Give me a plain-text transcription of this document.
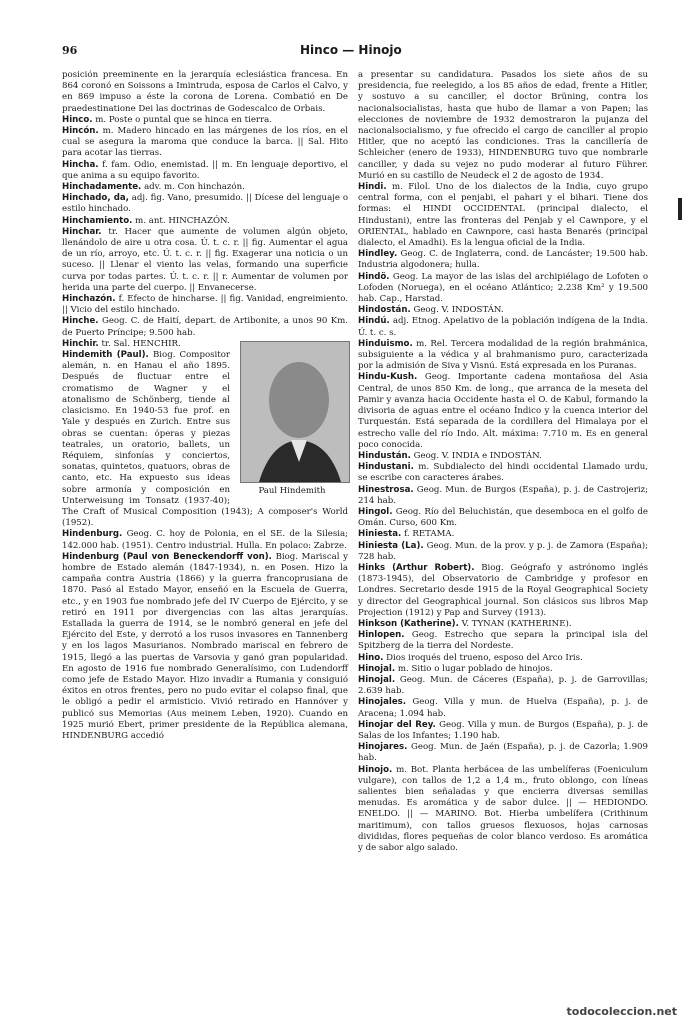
96	Hinco — Hinojo

posición preeminente en la jerarquía eclesiástica francesa. En 864 coronó en Soissons a Imintruda, esposa de Carlos el Calvo, y en 869 impuso a éste la corona de Lorena. Combatió en De praedestinatione Dei las doctrinas de Godescalco de Orbais.

Hinco. m. Poste o puntal que se hinca en tierra.

Hincón. m. Madero hincado en las márgenes de los ríos, en el cual se asegura la maroma que conduce la barca. || Sal. Hito para acotar las tierras.

Hincha. f. fam. Odio, enemistad. || m. En lenguaje deportivo, el que anima a su equipo favorito.

Hinchadamente. adv. m. Con hinchazón.

Hinchado, da, adj. fig. Vano, presumido. || Dícese del lenguaje o estilo hinchado.

Hinchamiento. m. ant. HINCHAZÓN.

Hinchar. tr. Hacer que aumente de volumen algún objeto, llenándolo de aire u otra cosa. Ú. t. c. r. || fig. Aumentar el agua de un río, arroyo, etc. Ú. t. c. r. || fig. Exagerar una noticia o un suceso. || Llenar el viento las velas, formando una superficie curva por todas partes. Ú. t. c. r. || r. Aumentar de volumen por herida una parte del cuerpo. || Envanecerse.

Hinchazón. f. Efecto de hincharse. || fig. Vanidad, engreimiento. || Vicio del estilo hinchado.

Hinche. Geog. C. de Haití, depart. de Artibonite, a unos 90 Km. de Puerto Príncipe; 9.500 hab.

Paul Hindemith

Hinchir. tr. Sal. HENCHIR.

Hindemith (Paul). Biog. Compositor alemán, n. en Hanau el año 1895. Después de fluctuar entre el cromatismo de Wagner y el atonalismo de Schönberg, tiende al clasicismo. En 1940-53 fue prof. en Yale y después en Zurich. Entre sus obras se cuentan: óperas y piezas teatrales, un oratorio, ballets, un Réquiem, sinfonías y conciertos, sonatas, quintetos, quatuors, obras de canto, etc. Ha expuesto sus ideas sobre armonía y composición en Unterweisung im Tonsatz (1937-40); The Craft of Musical Composition (1943); A composer's World (1952).

Hindenburg. Geog. C. hoy de Polonia, en el SE. de la Silesia; 142.000 hab. (1951). Centro industrial. Hulla. En polaco: Zabrze.

Hindenburg (Paul von Beneckendorff von). Biog. Mariscal y hombre de Estado alemán (1847-1934), n. en Posen. Hizo la campaña contra Austria (1866) y la guerra francoprusiana de 1870. Pasó al Estado Mayor, enseñó en la Escuela de Guerra, etc., y en 1903 fue nombrado jefe del IV Cuerpo de Ejército, y se retiró en 1911 por divergencias con las altas jerarquías. Estallada la guerra de 1914, se le nombró general en jefe del Ejército del Este, y derrotó a los rusos invasores en Tannenberg y en los lagos Masurianos. Nombrado mariscal en febrero de 1915, llegó a las puertas de Varsovia y ganó gran popularidad. En agosto de 1916 fue nombrado Generalísimo, con Ludendorff como jefe de Estado Mayor. Hizo invadir a Rumania y consiguió éxitos en otros frentes, pero no pudo evitar el colapso final, que le obligó a pedir el armisticio. Vivió retirado en Hannóver y publicó sus Memorias (Aus meinem Leben, 1920). Cuando en 1925 murió Ebert, primer presidente de la República alemana, HINDENBURG accedió

a presentar su candidatura. Pasados los siete años de su presidencia, fue reelegido, a los 85 años de edad, frente a Hitler, y sostuvo a su canciller, el doctor Brüning, contra los nacionalsocialistas, hasta que hubo de llamar a von Papen; las elecciones de noviembre de 1932 demostraron la pujanza del nacionalsocialismo, y fue ofrecido el cargo de canciller al propio Hitler, que no aceptó las condiciones. Tras la cancillería de Schleicher (enero de 1933), HINDENBURG tuvo que nombrarle canciller, y dada su vejez no pudo moderar al futuro Führer. Murió en su castillo de Neudeck el 2 de agosto de 1934.

Hindi. m. Filol. Uno de los dialectos de la India, cuyo grupo central forma, con el penjabi, el pahari y el bihari. Tiene dos formas: el HINDI OCCIDENTAL (principal dialecto, el Hindustani), entre las fronteras del Penjab y el Cawnpore, y el ORIENTAL, hablado en Cawnpore, casi hasta Benarés (principal dialecto, el Amadhi). Es la lengua oficial de la India.

Hindley. Geog. C. de Inglaterra, cond. de Lancáster; 19.500 hab. Industria algodonera; hulla.

Hindö. Geog. La mayor de las islas del archipiélago de Lofoten o Lofoden (Noruega), en el océano Atlántico; 2.238 Km² y 19.500 hab. Cap., Harstad.

Hindostán. Geog. V. INDOSTÁN.

Hindú. adj. Etnog. Apelativo de la población indígena de la India. Ú. t. c. s.

Hinduismo. m. Rel. Tercera modalidad de la región brahmánica, subsiguiente a la védica y al brahmanismo puro, caracterizada por la admisión de Siva y Visnú. Está expresada en los Puranas.

Hindu-Kush. Geog. Importante cadena montañosa del Asia Central, de unos 850 Km. de long., que arranca de la meseta del Pamir y avanza hacia Occidente hasta el O. de Kabul, formando la divisoria de aguas entre el océano Índico y la cuenca interior del Turquestán. Está separada de la cordillera del Himalaya por el estrecho valle del río Indo. Alt. máxima: 7.710 m. Es en general poco conocida.

Hindustán. Geog. V. INDIA e INDOSTÁN.

Hindustani. m. Subdialecto del hindi occidental Llamado urdu, se escribe con caracteres árabes.

Hinestrosa. Geog. Mun. de Burgos (España), p. j. de Castrojeriz; 214 hab.

Hingol. Geog. Río del Beluchistán, que desemboca en el golfo de Omán. Curso, 600 Km.

Hiniesta. f. RETAMA.

Hiniesta (La). Geog. Mun. de la prov. y p. j. de Zamora (España); 728 hab.

Hinks (Arthur Robert). Biog. Geógrafo y astrónomo inglés (1873-1945), del Observatorio de Cambridge y profesor en Londres. Secretario desde 1915 de la Royal Geographical Society y director del Geographical journal. Son clásicos sus libros Map Projection (1912) y Pap and Survey (1913).

Hinkson (Katherine). V. TYNAN (KATHERINE).

Hinlopen. Geog. Estrecho que separa la principal isla del Spitzberg de la tierra del Nordeste.

Hino. Dios iroqués del trueno, esposo del Arco Iris.

Hinojal. m. Sitio o lugar poblado de hinojos.

Hinojal. Geog. Mun. de Cáceres (España), p. j. de Garrovillas; 2.639 hab.

Hinojales. Geog. Villa y mun. de Huelva (España), p. j. de Aracena; 1.094 hab.

Hinojar del Rey. Geog. Villa y mun. de Burgos (España), p. j. de Salas de los Infantes; 1.190 hab.

Hinojares. Geog. Mun. de Jaén (España), p. j. de Cazorla; 1.909 hab.

Hinojo. m. Bot. Planta herbácea de las umbelíferas (Foeniculum vulgare), con tallos de 1,2 a 1,4 m., fruto oblongo, con líneas salientes bien señaladas y que encierra diversas semillas menudas. Es aromática y de sabor dulce. || — HEDIONDO. ENELDO. || — MARINO. Bot. Hierba umbelífera (Crithinum maritimum), con tallos gruesos flexuosos, hojas carnosas divididas, flores pequeñas de color blanco verdoso. Es aromática y de sabor algo salado.

todocoleccion.net
